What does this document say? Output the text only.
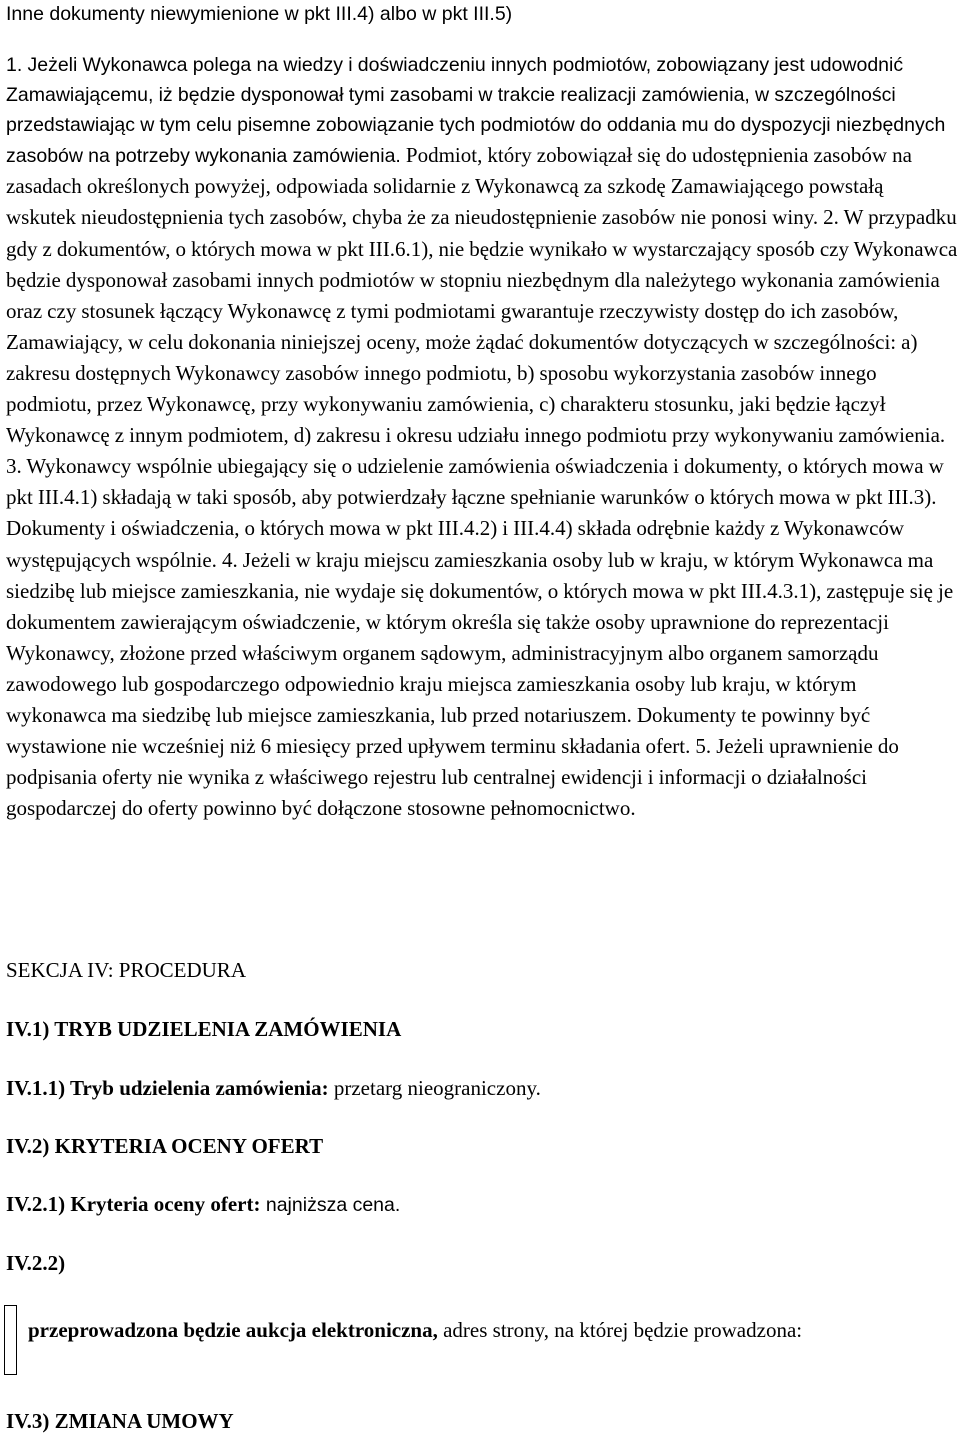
Inne dokumenty niewymienione w pkt III.4) albo w pkt III.5)
1. Jeżeli Wykonawca polega na wiedzy i doświadczeniu innych podmiotów, zobowiązany jest udowodnić Zamawiającemu, iż będzie dysponował tymi zasobami w trakcie realizacji zamówienia, w szczególności przedstawiając w tym celu pisemne zobowiązanie tych podmiotów do oddania mu do dyspozycji niezbędnych zasobów na potrzeby wykonania zamówienia. Podmiot, który zobowiązał się do udostępnienia zasobów na zasadach określonych powyżej, odpowiada solidarnie z Wykonawcą za szkodę Zamawiającego powstałą wskutek nieudostępnienia tych zasobów, chyba że za nieudostępnienie zasobów nie ponosi winy. 2. W przypadku gdy z dokumentów, o których mowa w pkt III.6.1), nie będzie wynikało w wystarczający sposób czy Wykonawca będzie dysponował zasobami innych podmiotów w stopniu niezbędnym dla należytego wykonania zamówienia oraz czy stosunek łączący Wykonawcę z tymi podmiotami gwarantuje rzeczywisty dostęp do ich zasobów, Zamawiający, w celu dokonania niniejszej oceny, może żądać dokumentów dotyczących w szczególności: a) zakresu dostępnych Wykonawcy zasobów innego podmiotu, b) sposobu wykorzystania zasobów innego podmiotu, przez Wykonawcę, przy wykonywaniu zamówienia, c) charakteru stosunku, jaki będzie łączył Wykonawcę z innym podmiotem, d) zakresu i okresu udziału innego podmiotu przy wykonywaniu zamówienia. 3. Wykonawcy wspólnie ubiegający się o udzielenie zamówienia oświadczenia i dokumenty, o których mowa w pkt III.4.1) składają w taki sposób, aby potwierdzały łączne spełnianie warunków o których mowa w pkt III.3). Dokumenty i oświadczenia, o których mowa w pkt III.4.2) i III.4.4) składa odrębnie każdy z Wykonawców występujących wspólnie. 4. Jeżeli w kraju miejscu zamieszkania osoby lub w kraju, w którym Wykonawca ma siedzibę lub miejsce zamieszkania, nie wydaje się dokumentów, o których mowa w pkt III.4.3.1), zastępuje się je dokumentem zawierającym oświadczenie, w którym określa się także osoby uprawnione do reprezentacji Wykonawcy, złożone przed właściwym organem sądowym, administracyjnym albo organem samorządu zawodowego lub gospodarczego odpowiednio kraju miejsca zamieszkania osoby lub kraju, w którym wykonawca ma siedzibę lub miejsce zamieszkania, lub przed notariuszem. Dokumenty te powinny być wystawione nie wcześniej niż 6 miesięcy przed upływem terminu składania ofert. 5. Jeżeli uprawnienie do podpisania oferty nie wynika z właściwego rejestru lub centralnej ewidencji i informacji o działalności gospodarczej do oferty powinno być dołączone stosowne pełnomocnictwo.
SEKCJA IV: PROCEDURA
IV.1) TRYB UDZIELENIA ZAMÓWIENIA
IV.1.1) Tryb udzielenia zamówienia: przetarg nieograniczony.
IV.2) KRYTERIA OCENY OFERT
IV.2.1) Kryteria oceny ofert: najniższa cena.
IV.2.2)
przeprowadzona będzie aukcja elektroniczna, adres strony, na której będzie prowadzona:
IV.3) ZMIANA UMOWY
